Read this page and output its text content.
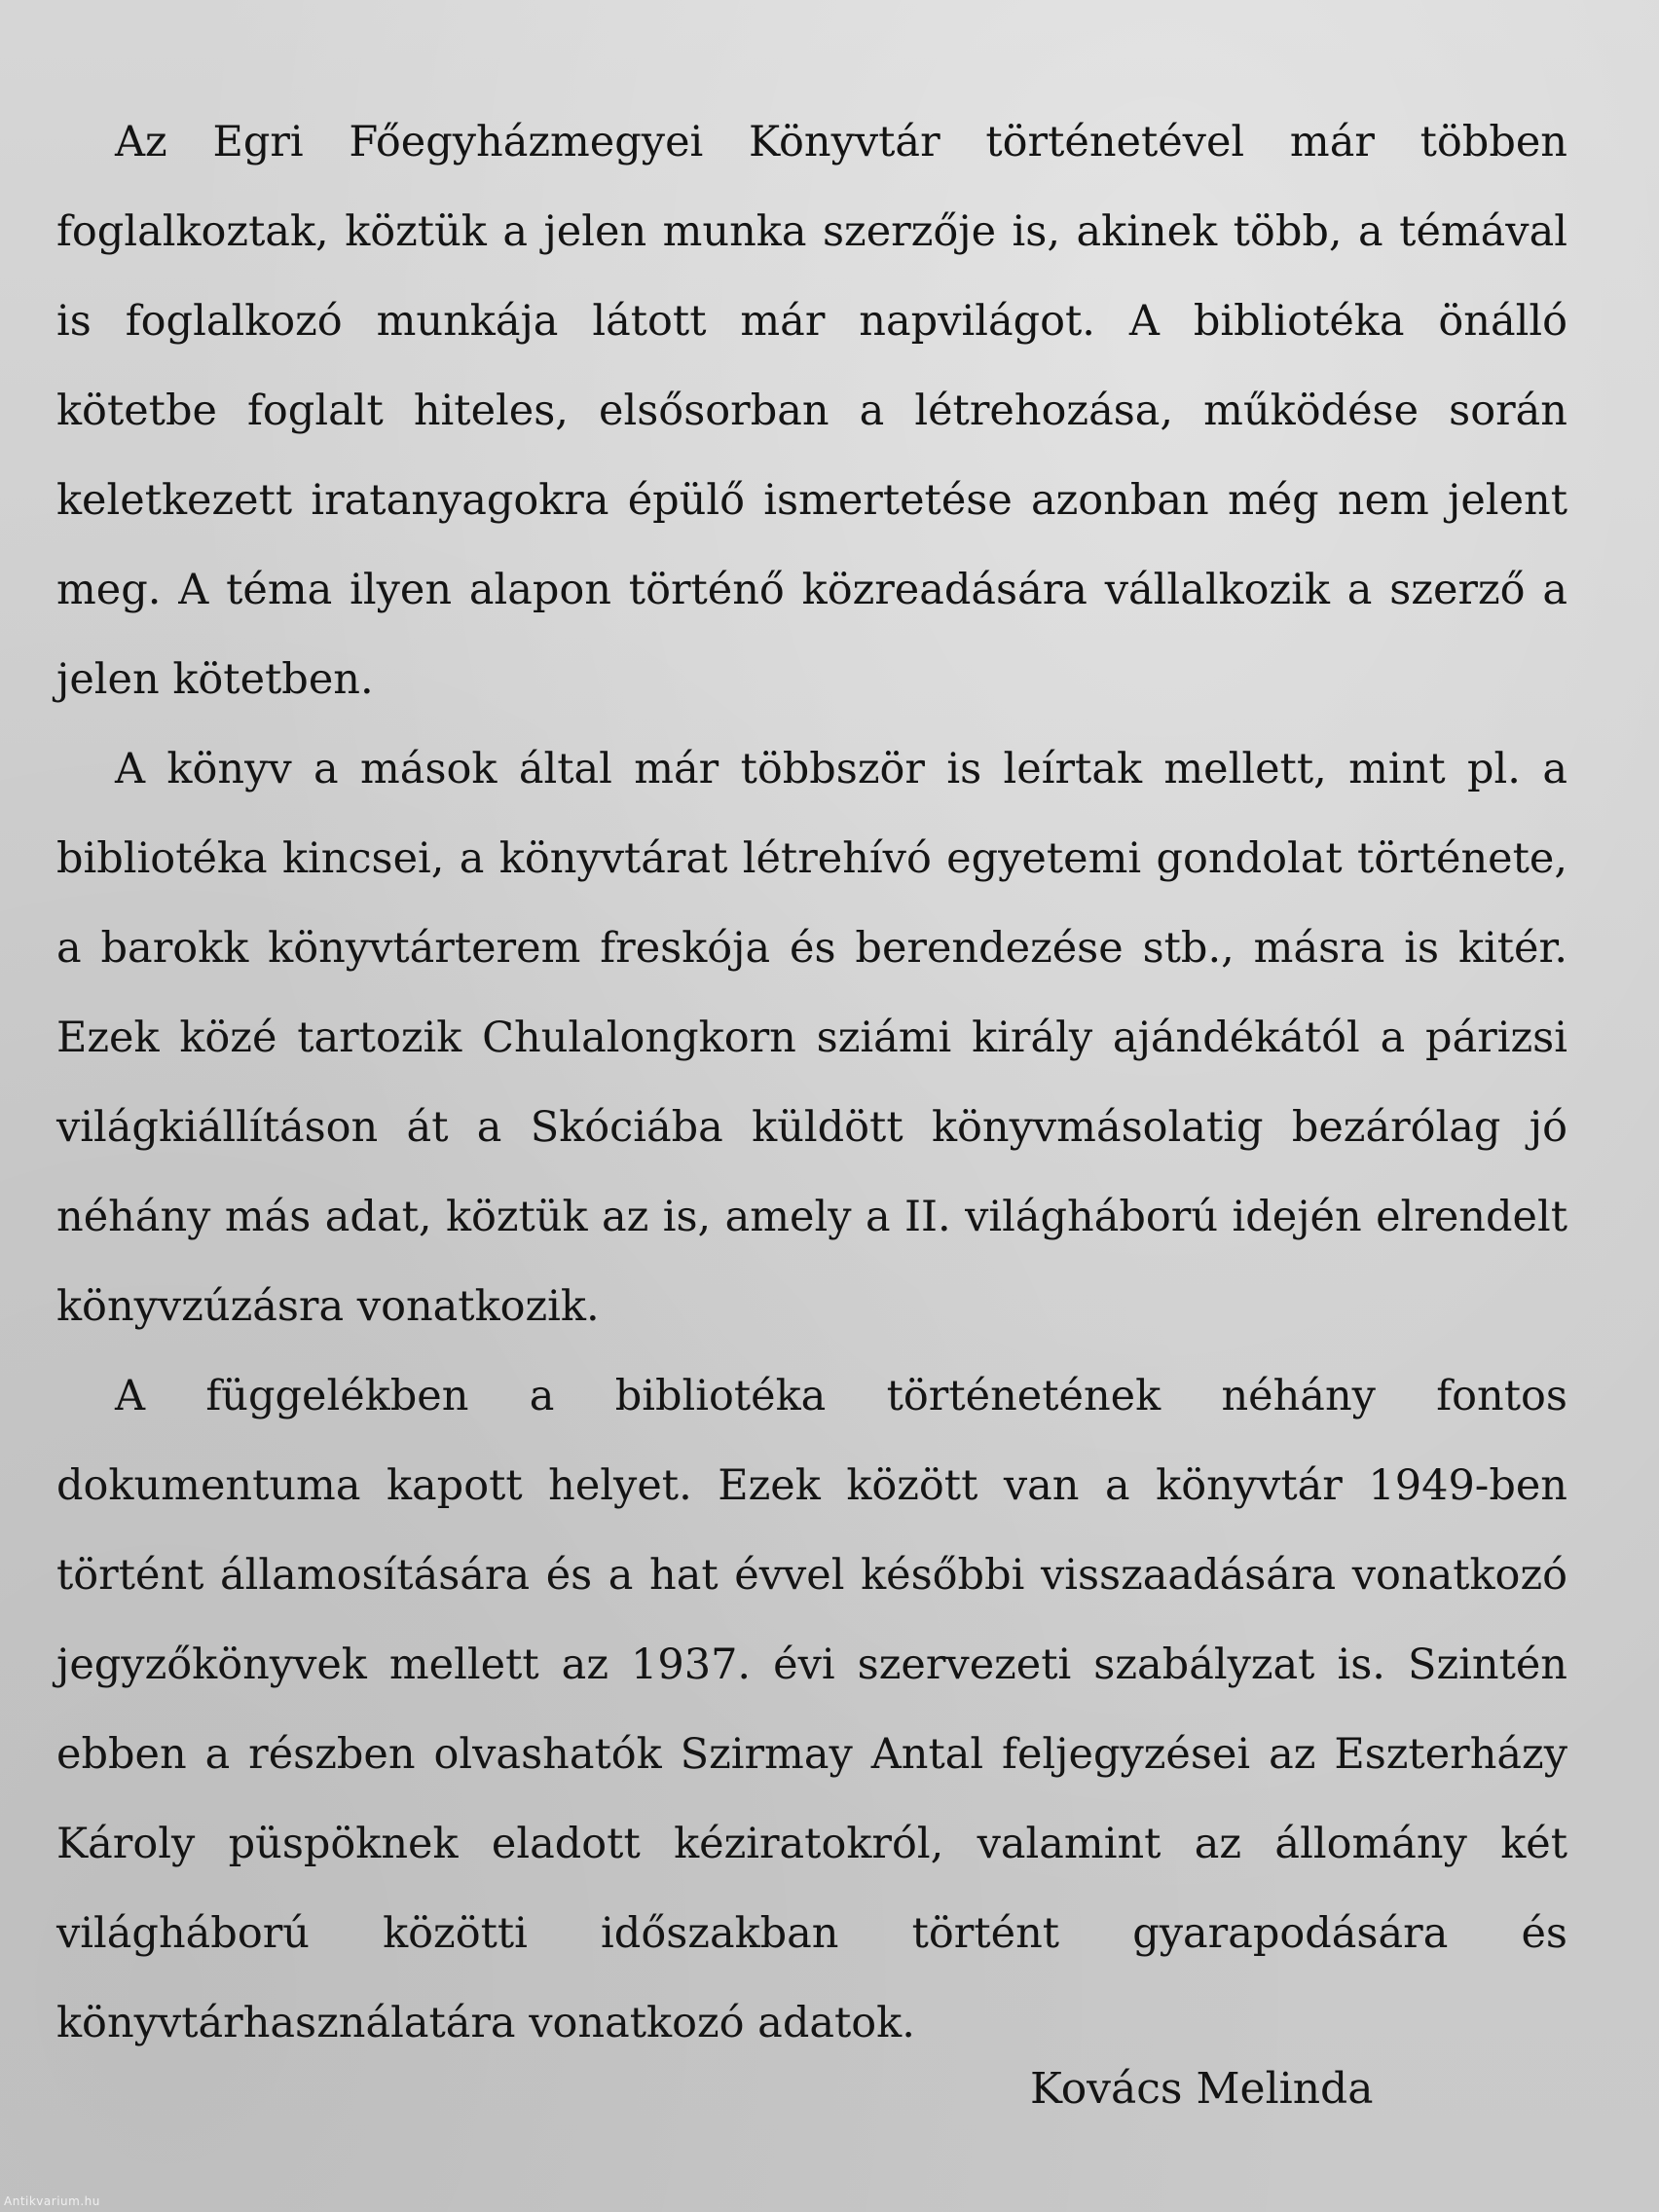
Az Egri Főegyházmegyei Könyvtár történetével már többen foglalkoztak, köztük a jelen munka szerzője is, akinek több, a témával is foglalkozó munkája látott már napvilágot. A bibliotéka önálló kötetbe foglalt hiteles, elsősorban a létrehozása, működése során keletkezett iratanyagokra épülő ismertetése azonban még nem jelent meg. A téma ilyen alapon történő közreadására vállalkozik a szerző a jelen kötetben.

A könyv a mások által már többször is leírtak mellett, mint pl. a bibliotéka kincsei, a könyvtárat létrehívó egyetemi gondolat története, a barokk könyvtárterem freskója és berendezése stb., másra is kitér. Ezek közé tartozik Chulalongkorn sziámi király ajándékától a párizsi világkiállításon át a Skóciába küldött könyvmásolatig bezárólag jó néhány más adat, köztük az is, amely a II. világháború idején elrendelt könyvzúzásra vonatkozik.

A függelékben a bibliotéka történetének néhány fontos dokumentuma kapott helyet. Ezek között van a könyvtár 1949-ben történt államosítására és a hat évvel későbbi visszaadására vonatkozó jegyzőkönyvek mellett az 1937. évi szervezeti szabályzat is. Szintén ebben a részben olvashatók Szirmay Antal feljegyzései az Eszterházy Károly püspöknek eladott kéziratokról, valamint az állomány két világháború közötti időszakban történt gyarapodására és könyvtárhasználatára vonatkozó adatok.

Kovács Melinda
Antikvarium.hu
